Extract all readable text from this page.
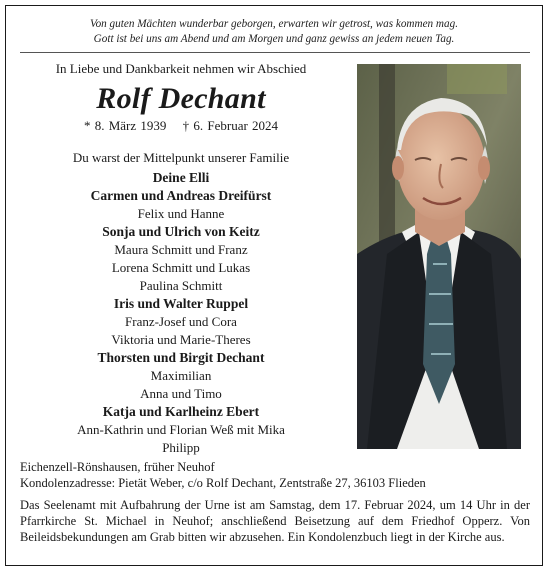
Von guten Mächten wunderbar geborgen, erwarten wir getrost, was kommen mag.
Gott ist bei uns am Abend und am Morgen und ganz gewiss an jedem neuen Tag.
In Liebe und Dankbarkeit nehmen wir Abschied
Rolf Dechant
* 8. März 1939 † 6. Februar 2024
Du warst der Mittelpunkt unserer Familie
Deine Elli
Carmen und Andreas Dreifürst
Felix und Hanne
Sonja und Ulrich von Keitz
Maura Schmitt und Franz
Lorena Schmitt und Lukas
Paulina Schmitt
Iris und Walter Ruppel
Franz-Josef und Cora
Viktoria und Marie-Theres
Thorsten und Birgit Dechant
Maximilian
Anna und Timo
Katja und Karlheinz Ebert
Ann-Kathrin und Florian Weß mit Mika
Philipp
Eichenzell-Rönshausen, früher Neuhof
Kondolenzadresse: Pietät Weber, c/o Rolf Dechant, Zentstraße 27, 36103 Flieden
Das Seelenamt mit Aufbahrung der Urne ist am Samstag, dem 17. Februar 2024, um 14 Uhr in der Pfarrkirche St. Michael in Neuhof; anschließend Beisetzung auf dem Friedhof Opperz. Von Beileidsbekundungen am Grab bitten wir abzusehen. Ein Kondolenzbuch liegt in der Kirche aus.
